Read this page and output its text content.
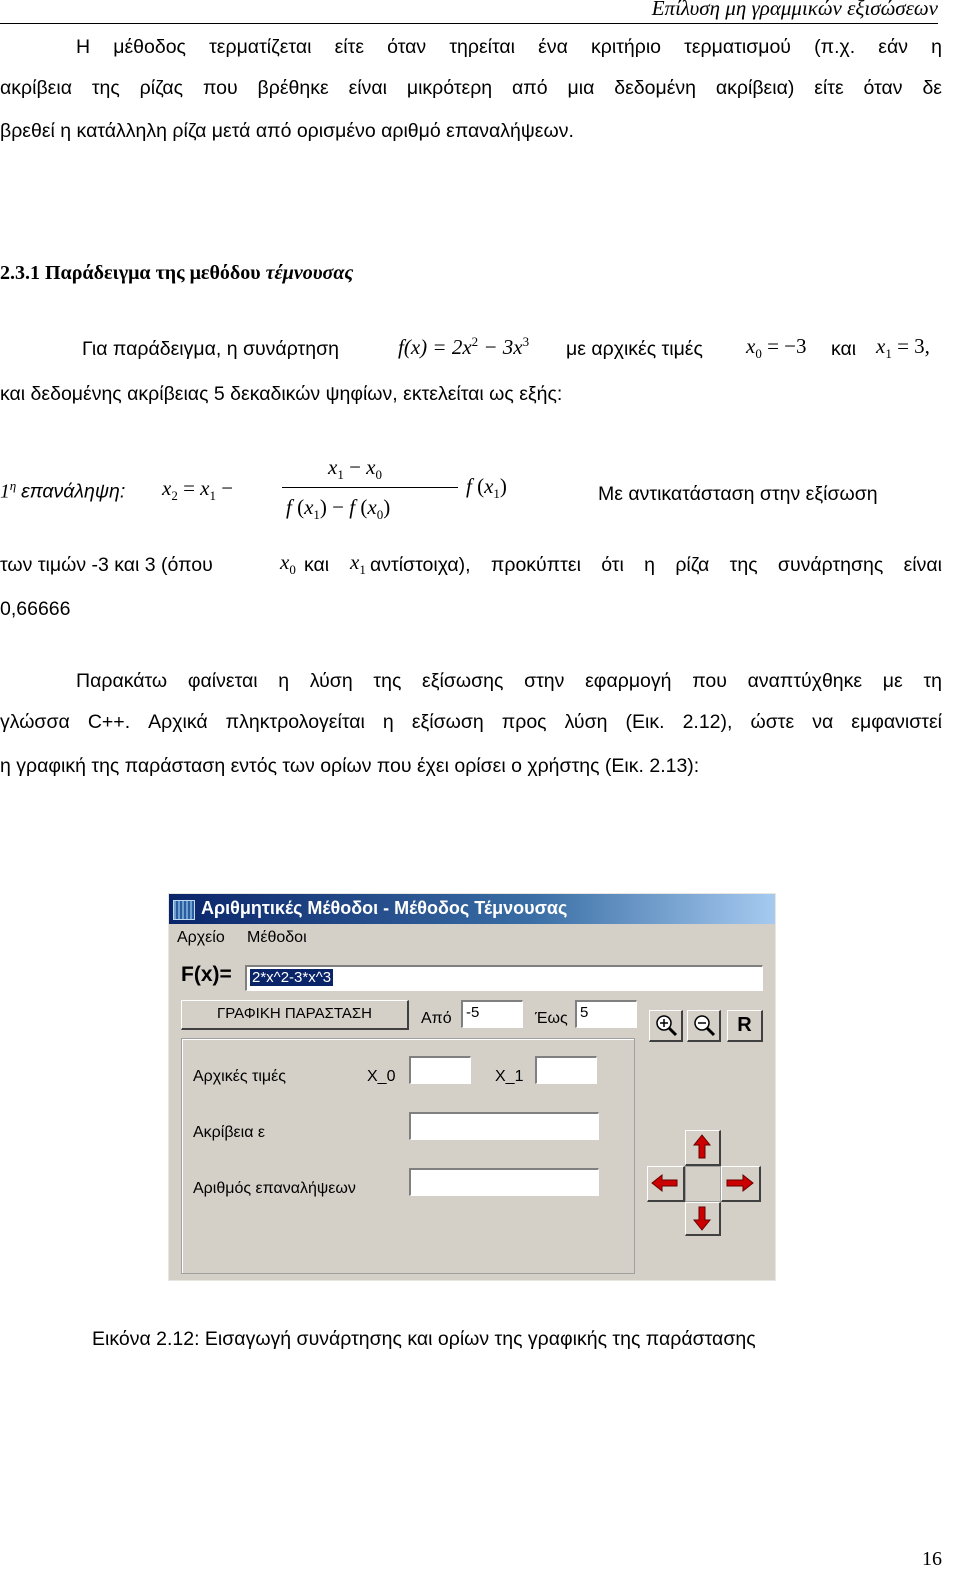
Επίλυση μη γραμμικών εξισώσεων
Η μέθοδος τερματίζεται είτε όταν τηρείται ένα κριτήριο τερματισμού (π.χ. εάν η
ακρίβεια της ρίζας που βρέθηκε είναι μικρότερη από μια δεδομένη ακρίβεια) είτε όταν δε
βρεθεί η κατάλληλη ρίζα μετά από ορισμένο αριθμό επαναλήψεων.
2.3.1 Παράδειγμα της μεθόδου τέμνουσας
Για παράδειγμα, η συνάρτηση	$f(x) = 2x^2 - 3x^3$ με αρχικές τιμές $x_0 = -3$ και $x_1 = 3$,
και δεδομένης ακρίβειας 5 δεκαδικών ψηφίων, εκτελείται ως εξής:
$1^\eta$ επανάληψη: $x_2 = x_1$ −
$x_1 - x_0$
f $(x_1) - f$ $(x_0)$
f $(x_1)$	Με αντικατάσταση στην εξίσωση
των τιμών -3 και 3 (όπου	$x_0$ και $x_1$ αντίστοιχα), προκύπτει ότι η ρίζα της συνάρτησης είναι
0,66666
Παρακάτω φαίνεται η λύση της εξίσωσης στην εφαρμογή που αναπτύχθηκε με τη
γλώσσα C++. Αρχικά πληκτρολογείται η εξίσωση προς λύση (Εικ. 2.12), ώστε να εμφανιστεί
η γραφική της παράσταση εντός των ορίων που έχει ορίσει ο χρήστης (Εικ. 2.13):
Αριθμητικές Μέθοδοι - Μέθοδος Τέμνουσας
Αρχείο Μέθοδοι
F(x)=	2*x^2-3*x^3
ΓΡΑΦΙΚΗ ΠΑΡΑΣΤΑΣΗ	Από -5	Έως 5
R
Αρχικές τιμές	X_0	X_1
Ακρίβεια ε
Αριθμός επαναλήψεων
Εικόνα 2.12: Εισαγωγή συνάρτησης και ορίων της γραφικής της παράστασης
16
